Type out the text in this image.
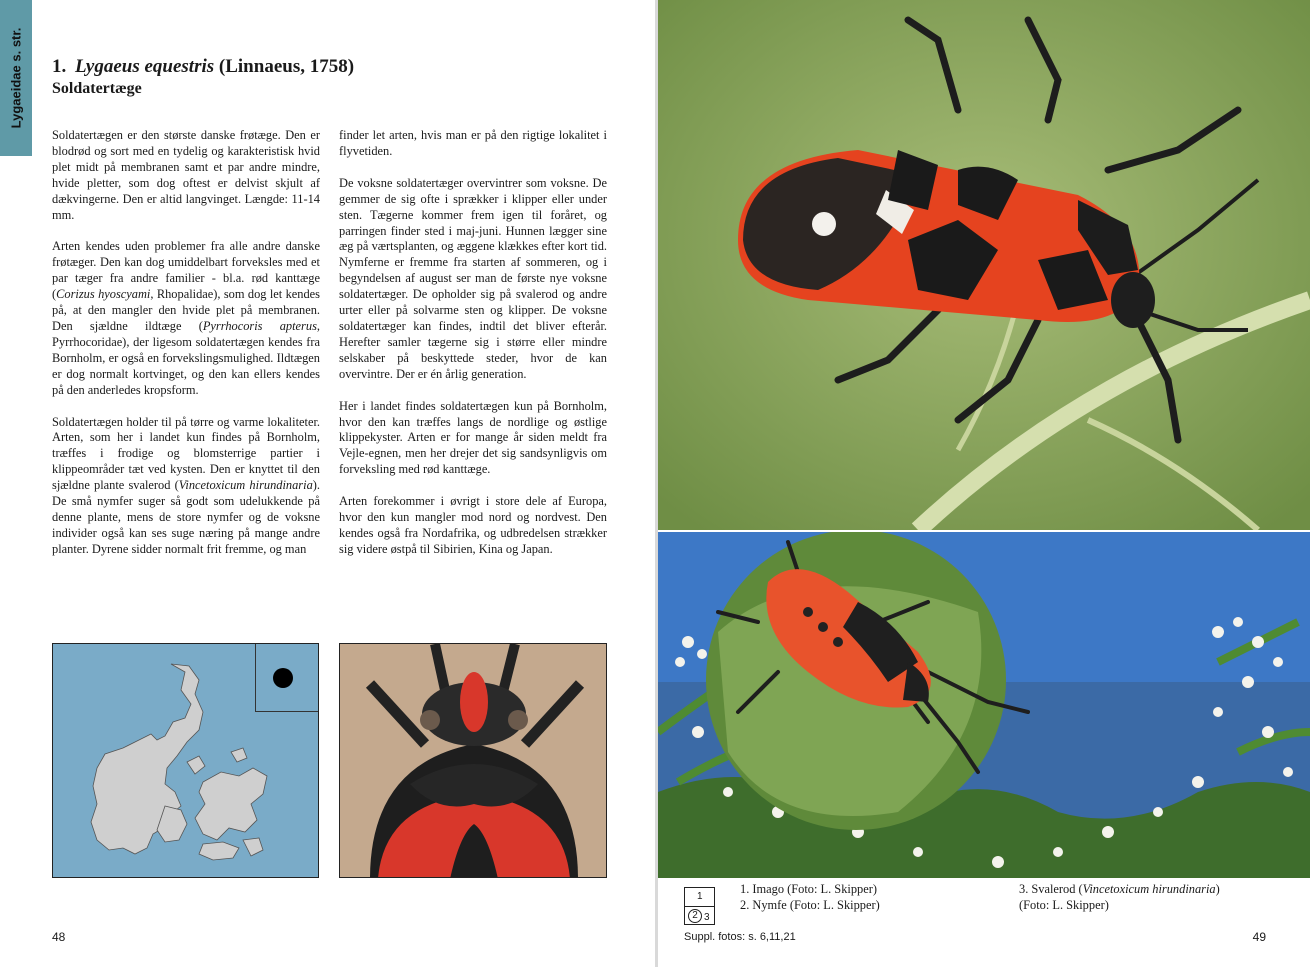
Lygaeidae s. str. 1. Lygaeus equestris (Linnaeus, 1758)
Soldatertæge

Soldatertægen er den største danske frøtæge. Den er blodrød og sort med en tydelig og karakteristisk hvid plet midt på membranen samt et par andre mindre, hvide pletter, som dog oftest er delvist skjult af dækvingerne. Den er altid langvinget. Længde: 11-14 mm.

Arten kendes uden problemer fra alle andre danske frøtæger. Den kan dog umiddelbart forveksles med et par tæger fra andre familier - bl.a. rød kanttæge (Corizus hyoscyami, Rhopalidae), som dog let kendes på, at den mangler den hvide plet på membranen. Den sjældne ildtæge (Pyrrhocoris apterus, Pyrrhocoridae), der ligesom soldatertægen kendes fra Bornholm, er også en forvekslingsmulighed. Ildtægen er dog normalt kortvinget, og den kan ellers kendes på den anderledes kropsform.

Soldatertægen holder til på tørre og varme lokaliteter. Arten, som her i landet kun findes på Bornholm, træffes i frodige og blomsterrige partier i klippeområder tæt ved kysten. Den er knyttet til den sjældne plante svalerod (Vincetoxicum hirundinaria). De små nymfer suger så godt som udelukkende på denne plante, mens de store nymfer og de voksne individer også kan ses suge næring på mange andre planter. Dyrene sidder normalt frit fremme, og man

finder let arten, hvis man er på den rigtige lokalitet i flyvetiden.

De voksne soldatertæger overvintrer som voksne. De gemmer de sig ofte i sprækker i klipper eller under sten. Tægerne kommer frem igen til foråret, og parringen finder sted i maj-juni. Hunnen lægger sine æg på værtsplanten, og æggene klækkes efter kort tid. Nymferne er fremme fra starten af sommeren, og i begyndelsen af august ser man de første nye voksne soldatertæger. De opholder sig på svalerod og andre urter eller på solvarme sten og klipper. De voksne soldatertæger kan findes, indtil det bliver efterår. Herefter samler tægerne sig i større eller mindre selskaber på beskyttede steder, hvor de kan overvintre. Der er én årlig generation.

Her i landet findes soldatertægen kun på Bornholm, hvor den kan træffes langs de nordlige og østlige klippekyster. Arten er for mange år siden meldt fra Vejle-egnen, men her drejer det sig sandsynligvis om forveksling med rød kanttæge.

Arten forekommer i øvrigt i store dele af Europa, hvor den kun mangler mod nord og nordvest. Den kendes også fra Nordafrika, og udbredelsen strækker sig videre østpå til Sibirien, Kina og Japan.

48
1
2 3
1. Imago (Foto: L. Skipper)
2. Nymfe (Foto: L. Skipper)
3. Svalerod (Vincetoxicum hirundinaria)
(Foto: L. Skipper)
Suppl. fotos: s. 6,11,21	49
